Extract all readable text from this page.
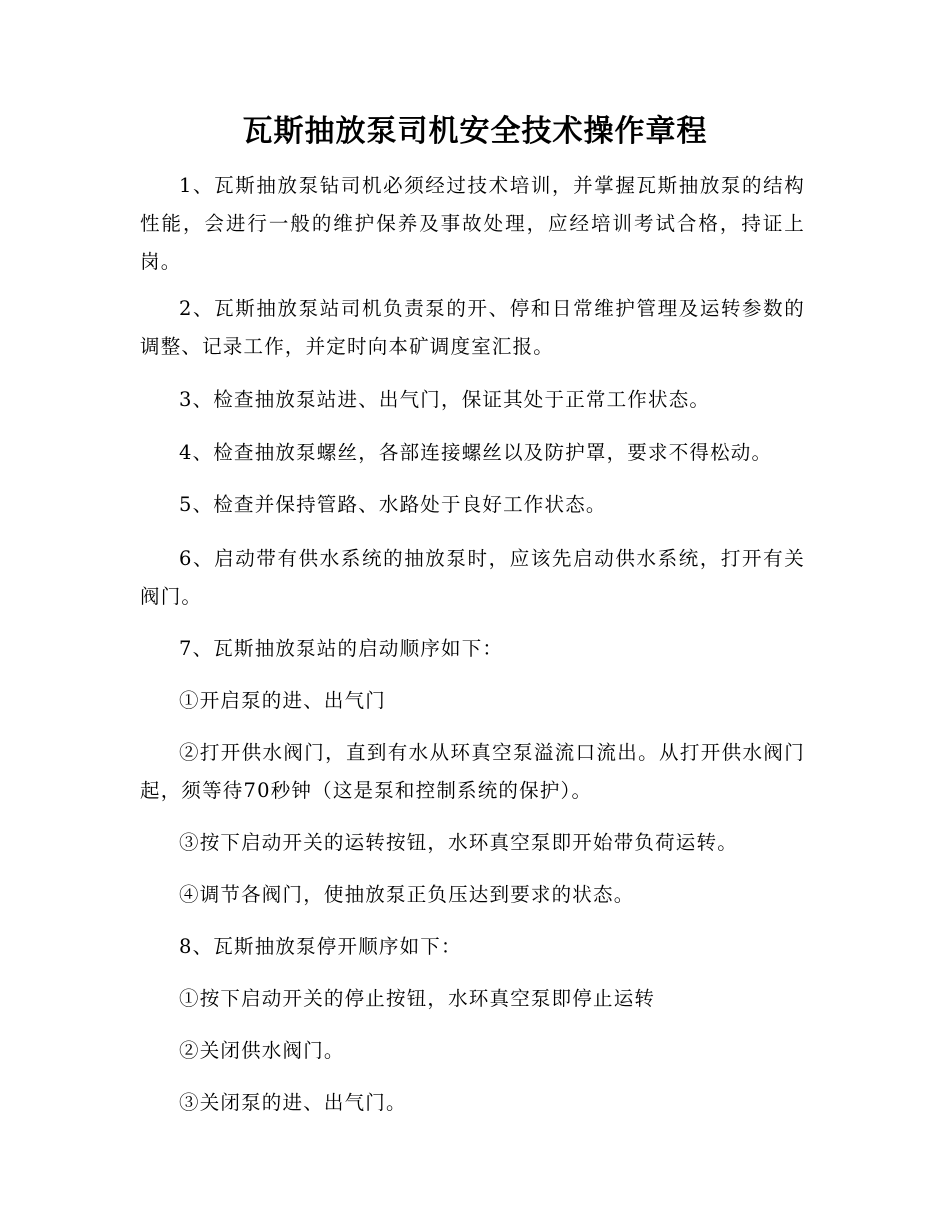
瓦斯抽放泵司机安全技术操作章程

1、瓦斯抽放泵钻司机必须经过技术培训，并掌握瓦斯抽放泵的结构性能，会进行一般的维护保养及事故处理，应经培训考试合格，持证上岗。

2、瓦斯抽放泵站司机负责泵的开、停和日常维护管理及运转参数的调整、记录工作，并定时向本矿调度室汇报。

3、检查抽放泵站进、出气门，保证其处于正常工作状态。

4、检查抽放泵螺丝，各部连接螺丝以及防护罩，要求不得松动。

5、检查并保持管路、水路处于良好工作状态。

6、启动带有供水系统的抽放泵时，应该先启动供水系统，打开有关阀门。

7、瓦斯抽放泵站的启动顺序如下：

①开启泵的进、出气门

②打开供水阀门，直到有水从环真空泵溢流口流出。从打开供水阀门起，须等待70秒钟（这是泵和控制系统的保护）。

③按下启动开关的运转按钮，水环真空泵即开始带负荷运转。

④调节各阀门，使抽放泵正负压达到要求的状态。

8、瓦斯抽放泵停开顺序如下：

①按下启动开关的停止按钮，水环真空泵即停止运转

②关闭供水阀门。

③关闭泵的进、出气门。
